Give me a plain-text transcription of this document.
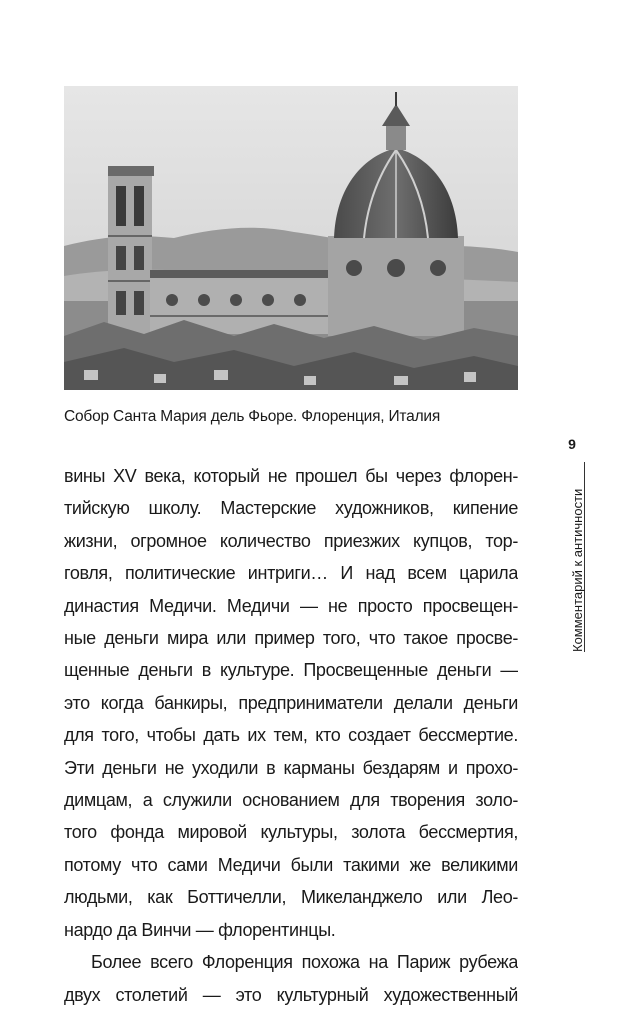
Собор Санта Мария дель Фьоре. Флоренция, Италия
9
Комментарий к античности
вины XV века, который не прошел бы через флорен-
тийскую школу. Мастерские художников, кипение
жизни, огромное количество приезжих купцов, тор-
говля, политические интриги… И над всем царила
династия Медичи. Медичи — не просто просвещен-
ные деньги мира или пример того, что такое просве-
щенные деньги в культуре. Просвещенные деньги —
это когда банкиры, предприниматели делали деньги
для того, чтобы дать их тем, кто создает бессмертие.
Эти деньги не уходили в карманы бездарям и прохо-
димцам, а служили основанием для творения золо-
того фонда мировой культуры, золота бессмертия,
потому что сами Медичи были такими же великими
людьми, как Боттичелли, Микеланджело или Лео-
нардо да Винчи — флорентинцы.
Более всего Флоренция похожа на Париж рубежа
двух столетий — это культурный художественный
